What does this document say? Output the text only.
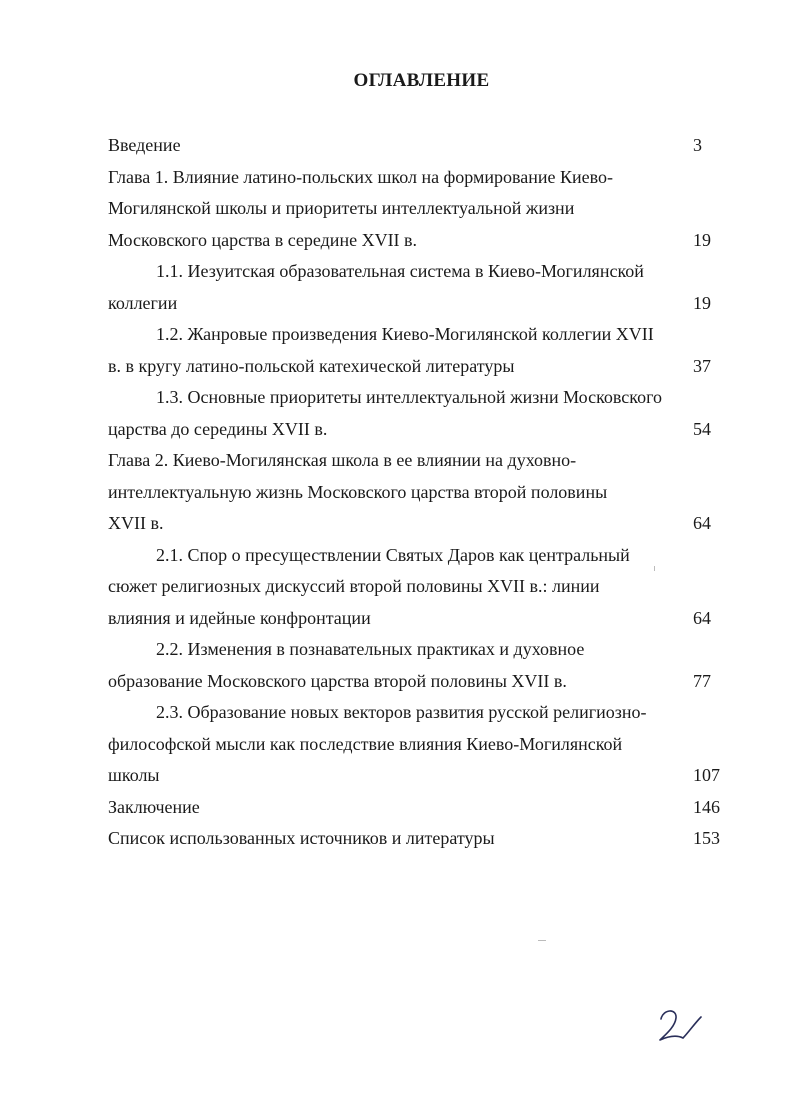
ОГЛАВЛЕНИЕ
Введение	3
Глава 1. Влияние латино-польских школ на формирование Киево-
Могилянской школы и приоритеты интеллектуальной жизни
Московского царства в середине XVII в.	19
1.1. Иезуитская образовательная система в Киево-Могилянской
коллегии	19
1.2. Жанровые произведения Киево-Могилянской коллегии XVII
в. в кругу латино-польской катехической литературы	37
1.3. Основные приоритеты интеллектуальной жизни Московского
царства до середины XVII в.	54
Глава 2. Киево-Могилянская школа в ее влиянии на духовно-
интеллектуальную жизнь Московского царства второй половины
XVII в.	64
2.1. Спор о пресуществлении Святых Даров как центральный
сюжет религиозных дискуссий второй половины XVII в.: линии
влияния и идейные конфронтации	64
2.2. Изменения в познавательных практиках и духовное
образование Московского царства второй половины XVII в.	77
2.3. Образование новых векторов развития русской религиозно-
философской мысли как последствие влияния Киево-Могилянской
школы	107
Заключение	146
Список использованных источников и литературы	153
